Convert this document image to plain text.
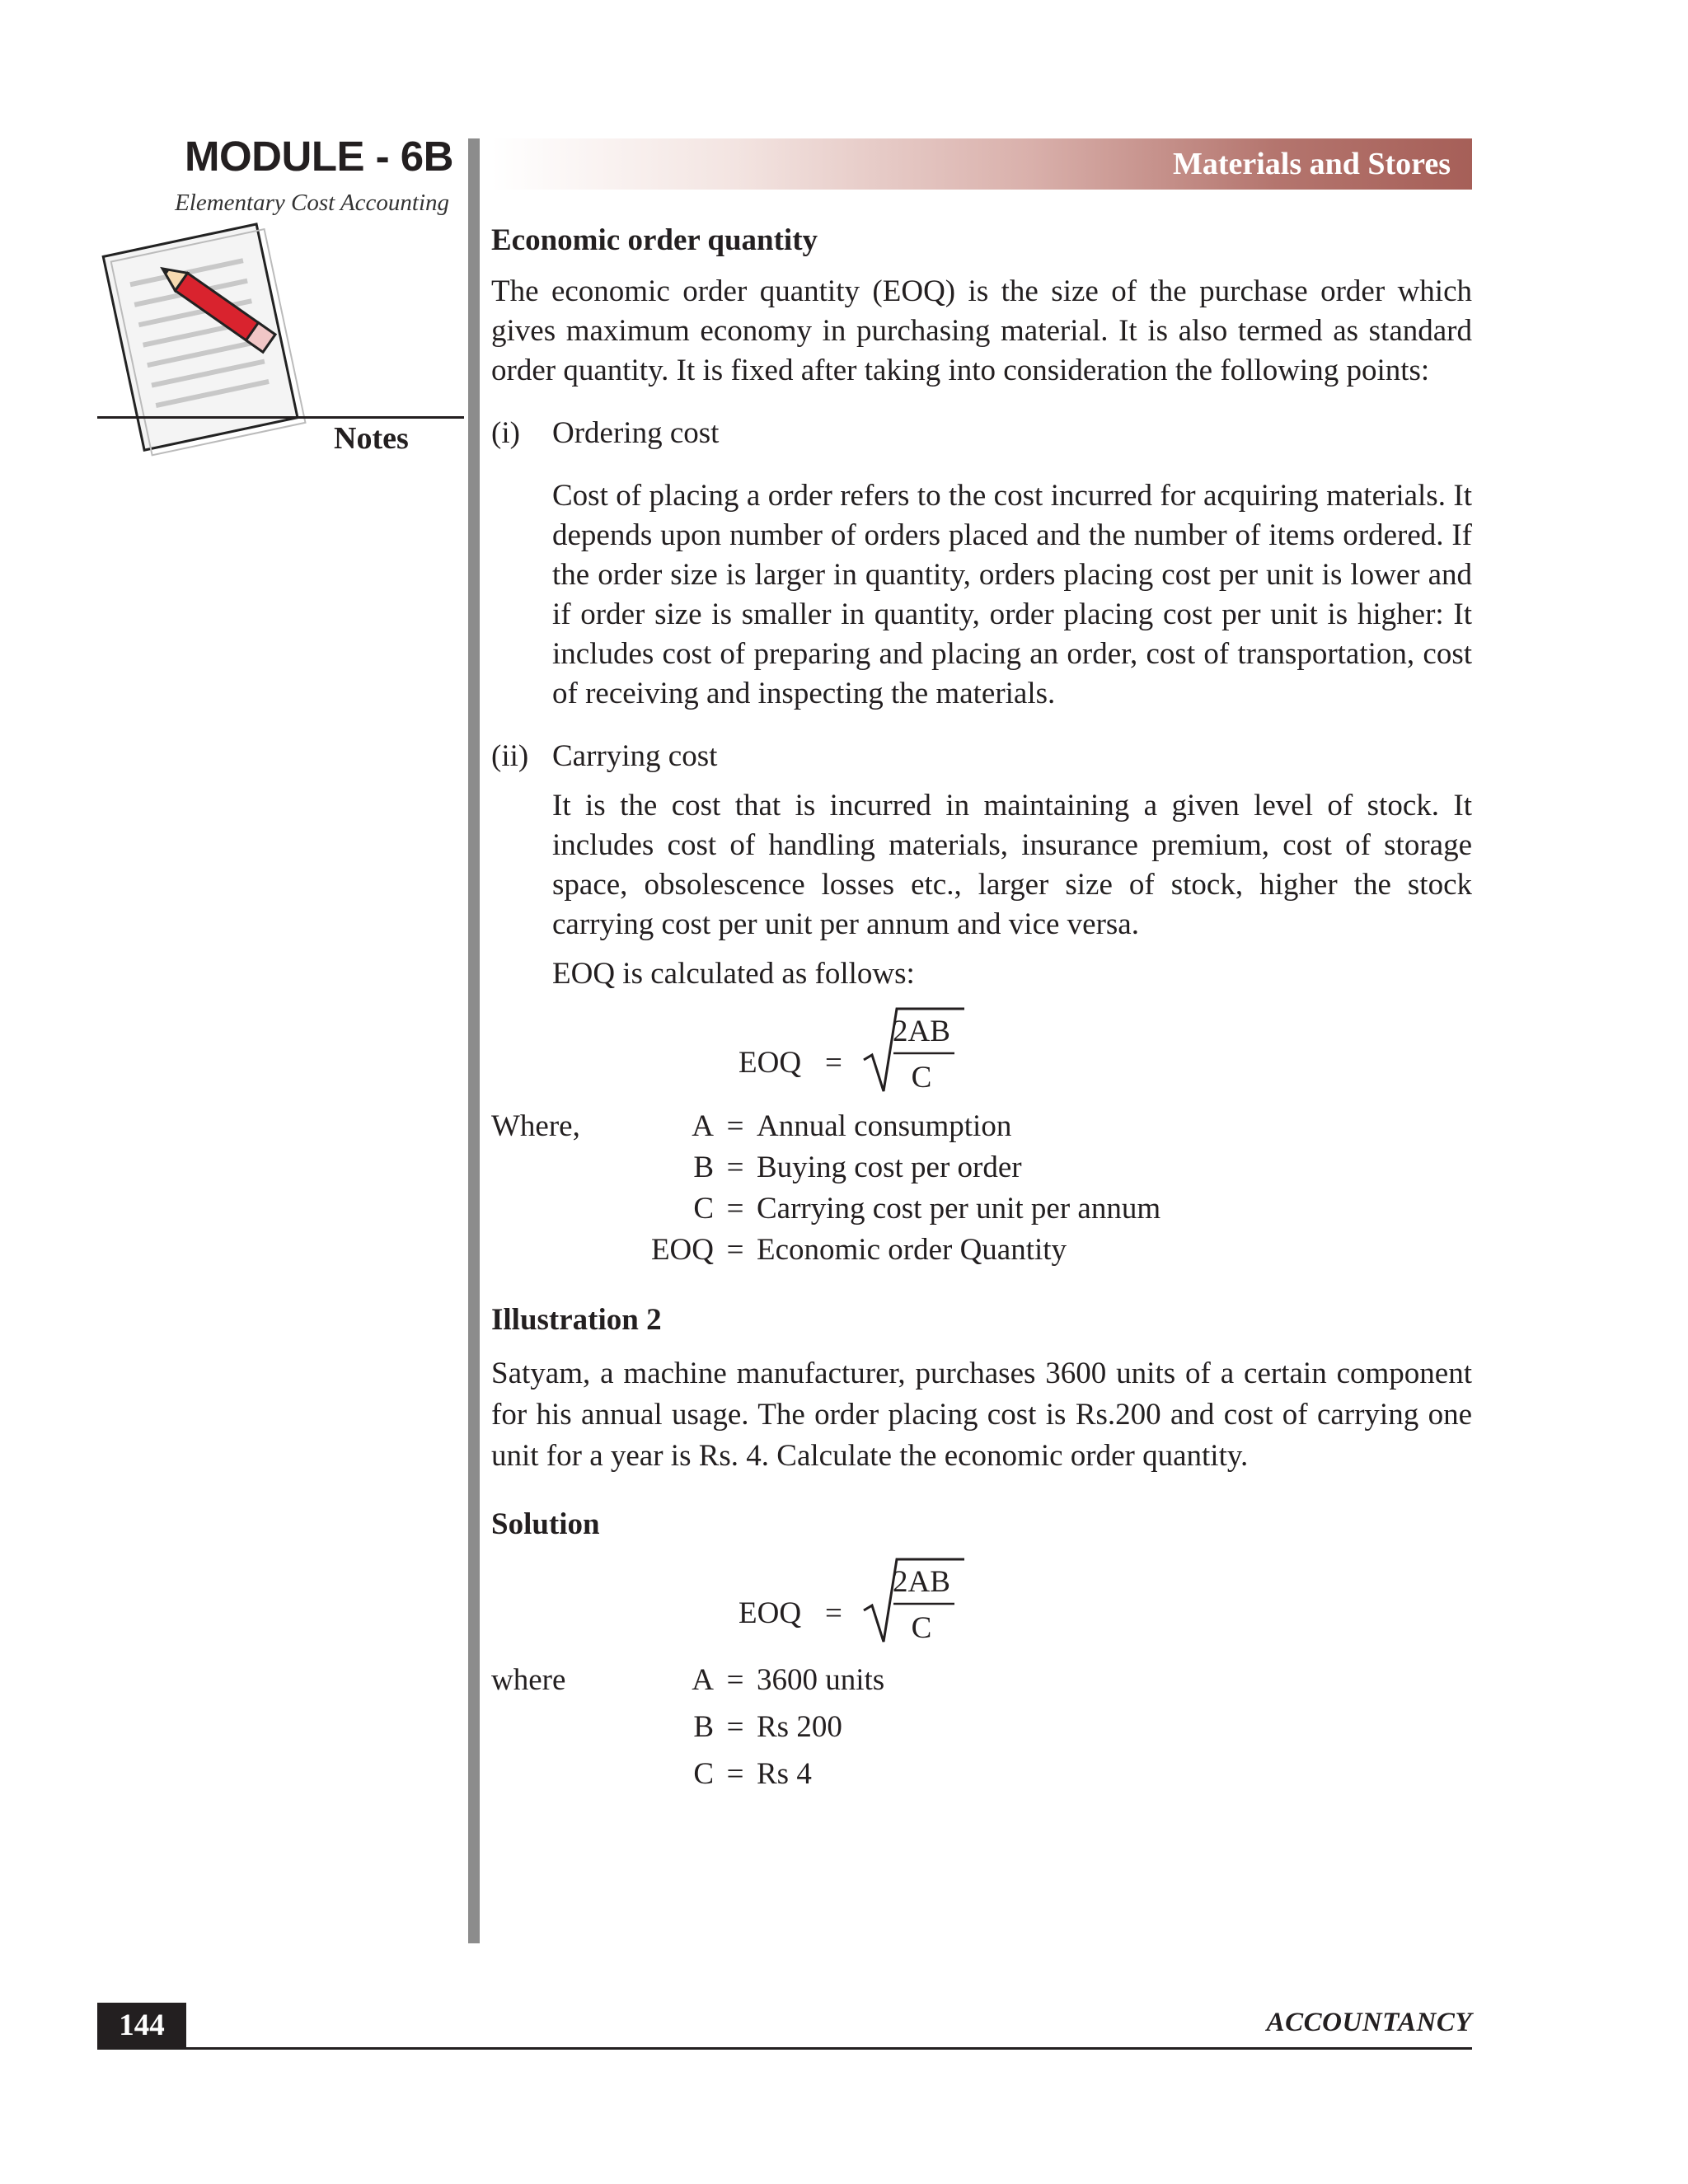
MODULE - 6B
Elementary Cost Accounting
Notes
Materials and Stores
Economic order quantity

The economic order quantity (EOQ) is the size of the purchase order which gives maximum economy in purchasing material. It is also termed as standard order quantity. It is fixed after taking into consideration the following points:

(i)	Ordering cost

Cost of placing a order refers to the cost incurred for acquiring materials. It depends upon number of orders placed and the number of items ordered. If the order size is larger in quantity, orders placing cost per unit is lower and if order size is smaller in quantity, order placing cost per unit is higher: It includes cost of preparing and placing an order, cost of transportation, cost of receiving and inspecting the materials.

(ii) Carrying cost

It is the cost that is incurred in maintaining a given level of stock. It includes cost of handling materials, insurance premium, cost of storage space, obsolescence losses etc., larger size of stock, higher the stock carrying cost per unit per annum and vice versa.

EOQ is calculated as follows:

EOQ =
2AB
C
Where,	A = Annual consumption
B = Buying cost per order
C = Carrying cost per unit per annum
EOQ = Economic order Quantity
Illustration 2

Satyam, a machine manufacturer, purchases 3600 units of a certain component for his annual usage. The order placing cost is Rs.200 and cost of carrying one unit for a year is Rs. 4. Calculate the economic order quantity.

Solution
EOQ =
2AB
C
where	A = 3600 units
B = Rs 200
C = Rs 4
144	ACCOUNTANCY
